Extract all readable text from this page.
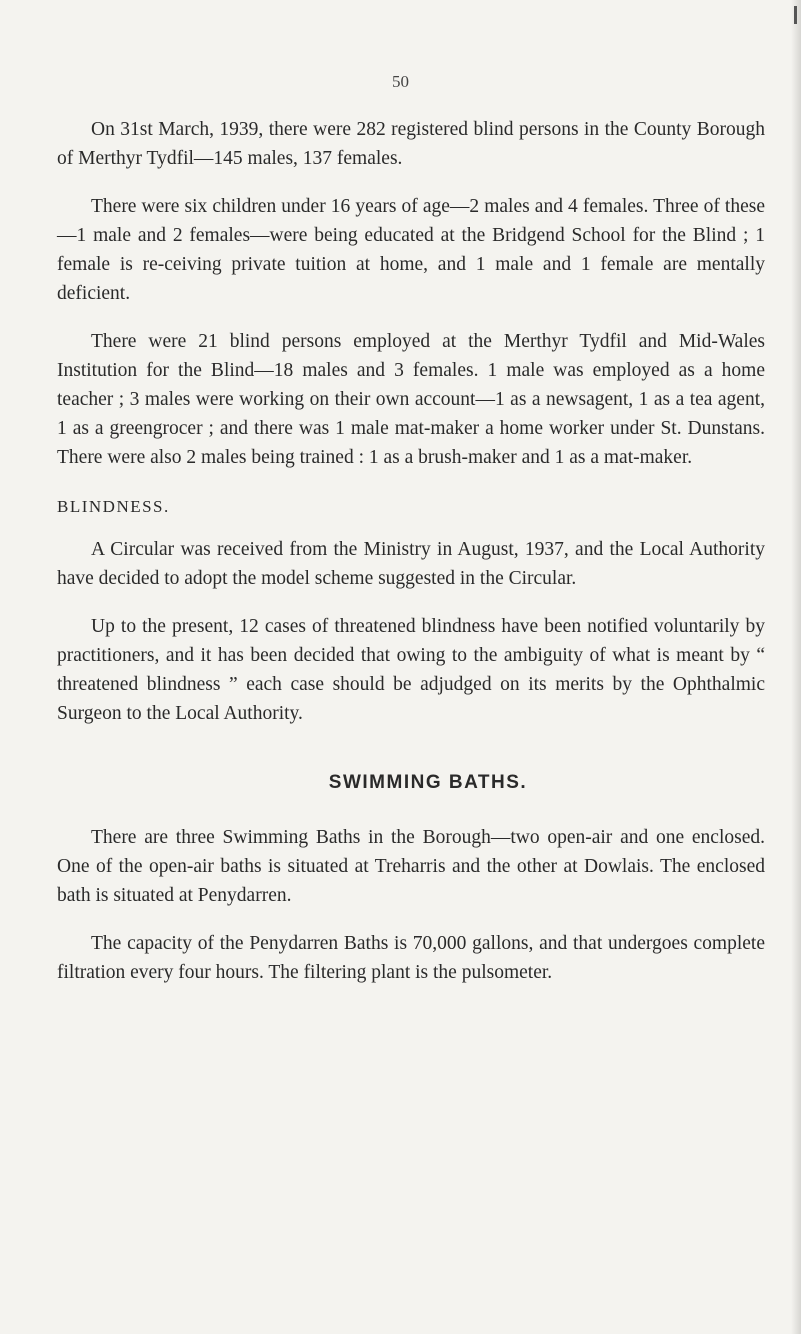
50

On 31st March, 1939, there were 282 registered blind persons in the County Borough of Merthyr Tydfil—145 males, 137 females.

There were six children under 16 years of age—2 males and 4 females. Three of these—1 male and 2 females—were being educated at the Bridgend School for the Blind ; 1 female is re-ceiving private tuition at home, and 1 male and 1 female are mentally deficient.

There were 21 blind persons employed at the Merthyr Tydfil and Mid-Wales Institution for the Blind—18 males and 3 females. 1 male was employed as a home teacher ; 3 males were working on their own account—1 as a newsagent, 1 as a tea agent, 1 as a greengrocer ; and there was 1 male mat-maker a home worker under St. Dunstans. There were also 2 males being trained : 1 as a brush-maker and 1 as a mat-maker.

BLINDNESS.

A Circular was received from the Ministry in August, 1937, and the Local Authority have decided to adopt the model scheme suggested in the Circular.

Up to the present, 12 cases of threatened blindness have been notified voluntarily by practitioners, and it has been decided that owing to the ambiguity of what is meant by “ threatened blindness ” each case should be adjudged on its merits by the Ophthalmic Surgeon to the Local Authority.

SWIMMING BATHS.

There are three Swimming Baths in the Borough—two open-air and one enclosed. One of the open-air baths is situated at Treharris and the other at Dowlais. The enclosed bath is situated at Penydarren.

The capacity of the Penydarren Baths is 70,000 gallons, and that undergoes complete filtration every four hours. The filtering plant is the pulsometer.
